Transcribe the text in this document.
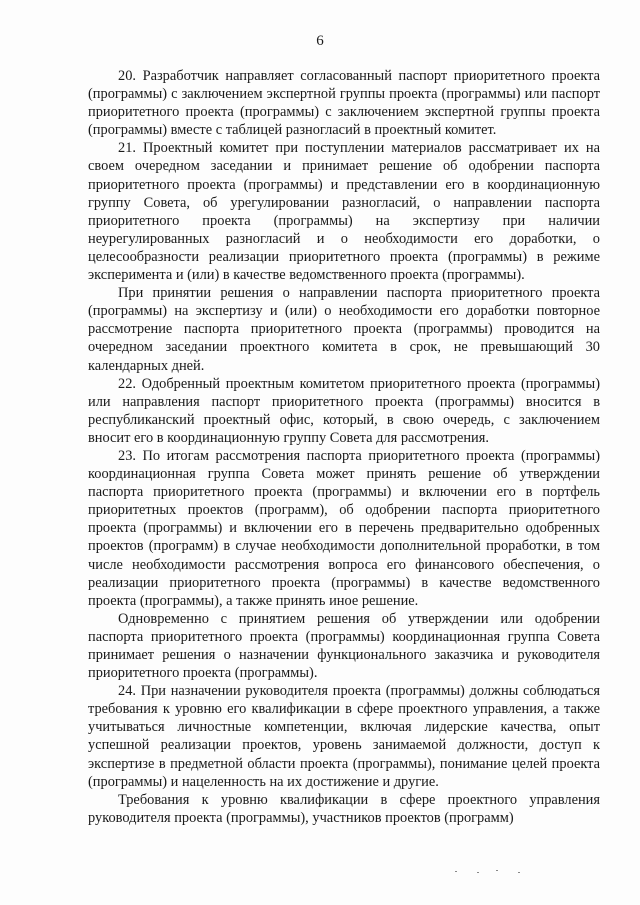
6

20. Разработчик направляет согласованный паспорт приоритетного проекта (программы) с заключением экспертной группы проекта (программы) или паспорт приоритетного проекта (программы) с заключением экспертной группы проекта (программы) вместе с таблицей разногласий в проектный комитет.

21. Проектный комитет при поступлении материалов рассматривает их на своем очередном заседании и принимает решение об одобрении паспорта приоритетного проекта (программы) и представлении его в координационную группу Совета, об урегулировании разногласий, о направлении паспорта приоритетного проекта (программы) на экспертизу при наличии неурегулированных разногласий и о необходимости его доработки, о целесообразности реализации приоритетного проекта (программы) в режиме эксперимента и (или) в качестве ведомственного проекта (программы).

При принятии решения о направлении паспорта приоритетного проекта (программы) на экспертизу и (или) о необходимости его доработки повторное рассмотрение паспорта приоритетного проекта (программы) проводится на очередном заседании проектного комитета в срок, не превышающий 30 календарных дней.

22. Одобренный проектным комитетом приоритетного проекта (программы) или направления паспорт приоритетного проекта (программы) вносится в республиканский проектный офис, который, в свою очередь, с заключением вносит его в координационную группу Совета для рассмотрения.

23. По итогам рассмотрения паспорта приоритетного проекта (программы) координационная группа Совета может принять решение об утверждении паспорта приоритетного проекта (программы) и включении его в портфель приоритетных проектов (программ), об одобрении паспорта приоритетного проекта (программы) и включении его в перечень предварительно одобренных проектов (программ) в случае необходимости дополнительной проработки, в том числе необходимости рассмотрения вопроса его финансового обеспечения, о реализации приоритетного проекта (программы) в качестве ведомственного проекта (программы), а также принять иное решение.

Одновременно с принятием решения об утверждении или одобрении паспорта приоритетного проекта (программы) координационная группа Совета принимает решения о назначении функционального заказчика и руководителя приоритетного проекта (программы).

24. При назначении руководителя проекта (программы) должны соблюдаться требования к уровню его квалификации в сфере проектного управления, а также учитываться личностные компетенции, включая лидерские качества, опыт успешной реализации проектов, уровень занимаемой должности, доступ к экспертизе в предметной области проекта (программы), понимание целей проекта (программы) и нацеленность на их достижение и другие.

Требования к уровню квалификации в сфере проектного управления руководителя проекта (программы), участников проектов (программ)
